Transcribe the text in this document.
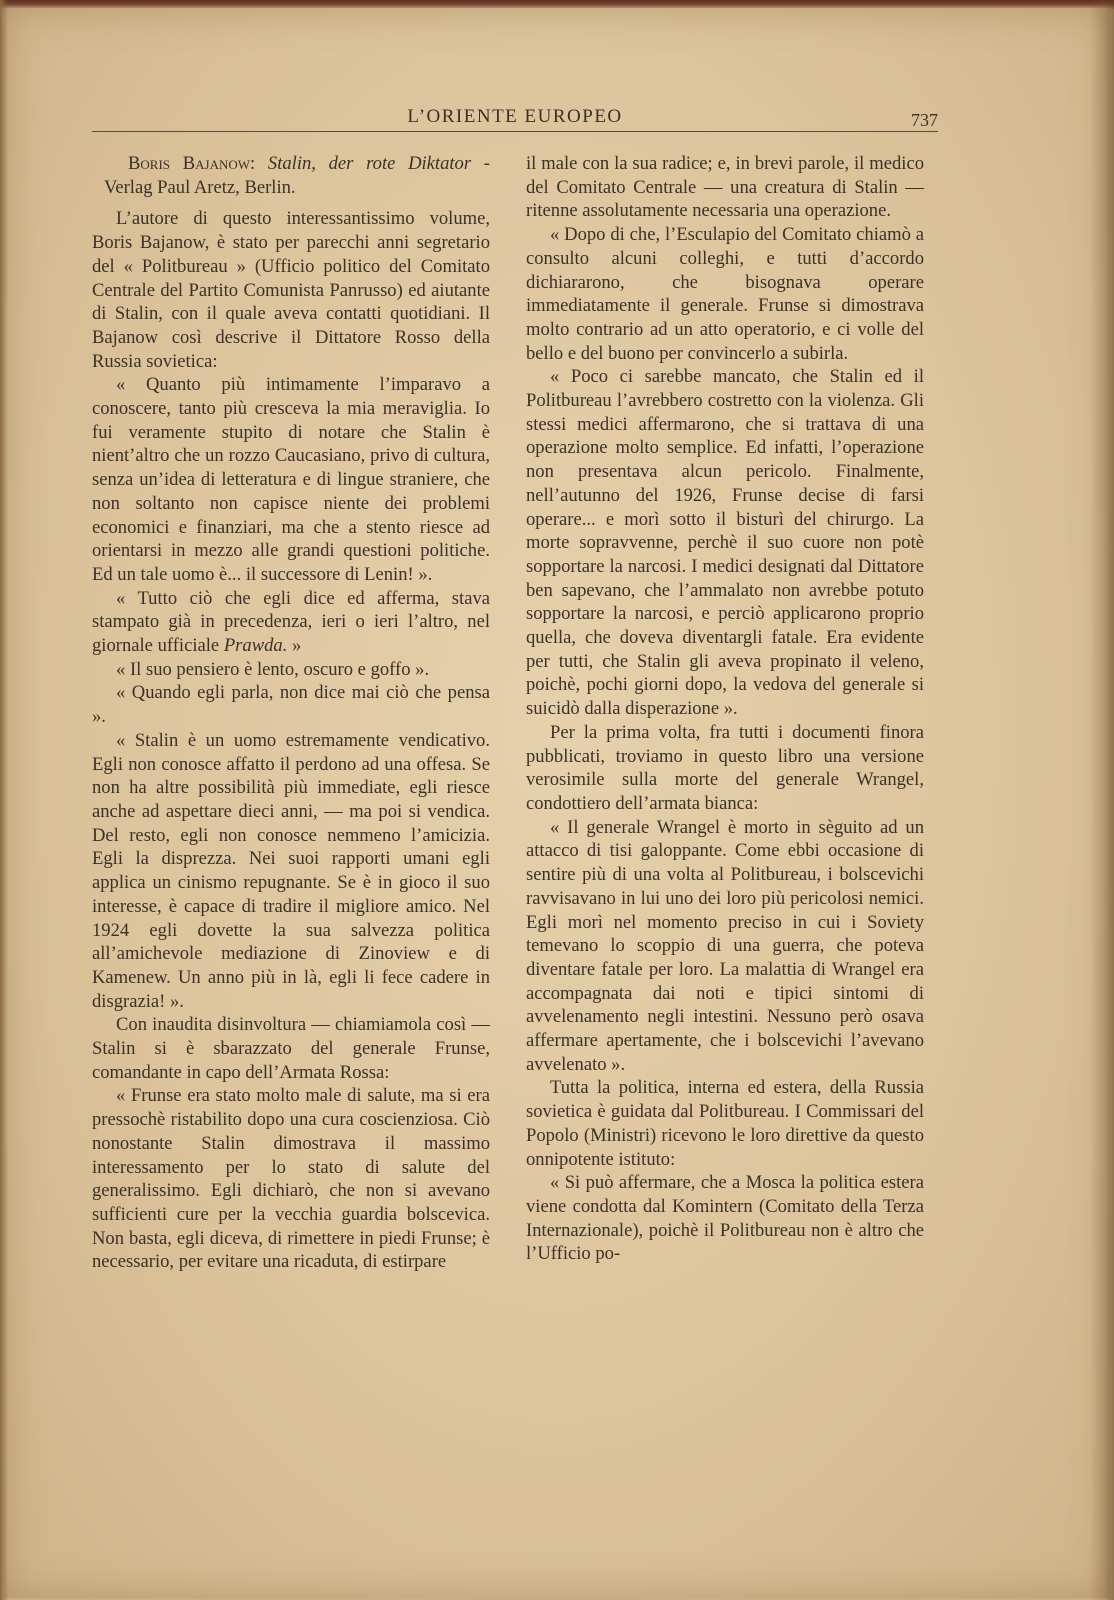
L’ORIENTE EUROPEO	737

Boris Bajanow: Stalin, der rote Diktator - Verlag Paul Aretz, Berlin.

L’autore di questo interessantissimo volume, Boris Bajanow, è stato per parecchi anni segretario del « Politbureau » (Ufficio politico del Comitato Centrale del Partito Comunista Panrusso) ed aiutante di Stalin, con il quale aveva contatti quotidiani. Il Bajanow così descrive il Dittatore Rosso della Russia sovietica:

« Quanto più intimamente l’imparavo a conoscere, tanto più cresceva la mia meraviglia. Io fui veramente stupito di notare che Stalin è nient’altro che un rozzo Caucasiano, privo di cultura, senza un’idea di letteratura e di lingue straniere, che non soltanto non capisce niente dei problemi economici e finanziari, ma che a stento riesce ad orientarsi in mezzo alle grandi questioni politiche. Ed un tale uomo è... il successore di Lenin! ».

« Tutto ciò che egli dice ed afferma, stava stampato già in precedenza, ieri o ieri l’altro, nel giornale ufficiale Prawda. »

« Il suo pensiero è lento, oscuro e goffo ».

« Quando egli parla, non dice mai ciò che pensa ».

« Stalin è un uomo estremamente vendicativo. Egli non conosce affatto il perdono ad una offesa. Se non ha altre possibilità più immediate, egli riesce anche ad aspettare dieci anni, — ma poi si vendica. Del resto, egli non conosce nemmeno l’amicizia. Egli la disprezza. Nei suoi rapporti umani egli applica un cinismo repugnante. Se è in gioco il suo interesse, è capace di tradire il migliore amico. Nel 1924 egli dovette la sua salvezza politica all’amichevole mediazione di Zinoview e di Kamenew. Un anno più in là, egli li fece cadere in disgrazia! ».

Con inaudita disinvoltura — chiamiamola così — Stalin si è sbarazzato del generale Frunse, comandante in capo dell’Armata Rossa:

« Frunse era stato molto male di salute, ma si era pressochè ristabilito dopo una cura coscienziosa. Ciò nonostante Stalin dimostrava il massimo interessamento per lo stato di salute del generalissimo. Egli dichiarò, che non si avevano sufficienti cure per la vecchia guardia bolscevica. Non basta, egli diceva, di rimettere in piedi Frunse; è necessario, per evitare una ricaduta, di estirpare

il male con la sua radice; e, in brevi parole, il medico del Comitato Centrale — una creatura di Stalin — ritenne assolutamente necessaria una operazione.

« Dopo di che, l’Esculapio del Comitato chiamò a consulto alcuni colleghi, e tutti d’accordo dichiararono, che bisognava operare immediatamente il generale. Frunse si dimostrava molto contrario ad un atto operatorio, e ci volle del bello e del buono per convincerlo a subirla.

« Poco ci sarebbe mancato, che Stalin ed il Politbureau l’avrebbero costretto con la violenza. Gli stessi medici affermarono, che si trattava di una operazione molto semplice. Ed infatti, l’operazione non presentava alcun pericolo. Finalmente, nell’autunno del 1926, Frunse decise di farsi operare... e morì sotto il bisturì del chirurgo. La morte sopravvenne, perchè il suo cuore non potè sopportare la narcosi. I medici designati dal Dittatore ben sapevano, che l’ammalato non avrebbe potuto sopportare la narcosi, e perciò applicarono proprio quella, che doveva diventargli fatale. Era evidente per tutti, che Stalin gli aveva propinato il veleno, poichè, pochi giorni dopo, la vedova del generale si suicidò dalla disperazione ».

Per la prima volta, fra tutti i documenti finora pubblicati, troviamo in questo libro una versione verosimile sulla morte del generale Wrangel, condottiero dell’armata bianca:

« Il generale Wrangel è morto in sèguito ad un attacco di tisi galoppante. Come ebbi occasione di sentire più di una volta al Politbureau, i bolscevichi ravvisavano in lui uno dei loro più pericolosi nemici. Egli morì nel momento preciso in cui i Soviety temevano lo scoppio di una guerra, che poteva diventare fatale per loro. La malattia di Wrangel era accompagnata dai noti e tipici sintomi di avvelenamento negli intestini. Nessuno però osava affermare apertamente, che i bolscevichi l’avevano avvelenato ».

Tutta la politica, interna ed estera, della Russia sovietica è guidata dal Politbureau. I Commissari del Popolo (Ministri) ricevono le loro direttive da questo onnipotente istituto:

« Si può affermare, che a Mosca la politica estera viene condotta dal Komintern (Comitato della Terza Internazionale), poichè il Politbureau non è altro che l’Ufficio po-
